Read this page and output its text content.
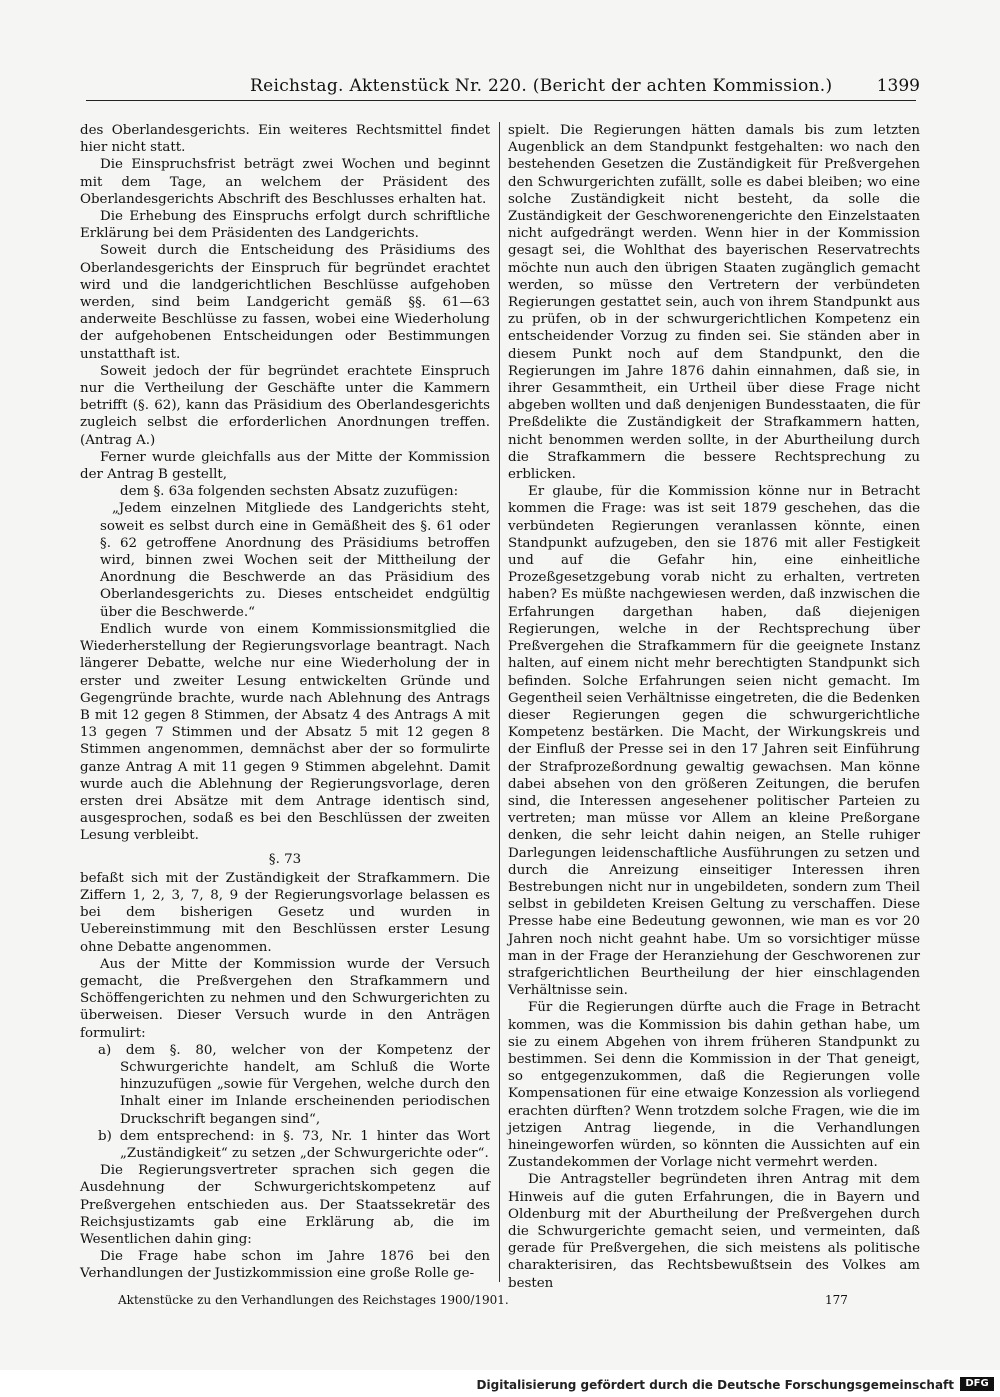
Reichstag. Aktenstück Nr. 220. (Bericht der achten Kommission.)	1399

des Oberlandesgerichts. Ein weiteres Rechtsmittel findet hier nicht statt.

Die Einspruchsfrist beträgt zwei Wochen und beginnt mit dem Tage, an welchem der Präsident des Oberlandesgerichts Abschrift des Beschlusses erhalten hat.

Die Erhebung des Einspruchs erfolgt durch schriftliche Erklärung bei dem Präsidenten des Landgerichts.

Soweit durch die Entscheidung des Präsidiums des Oberlandesgerichts der Einspruch für begründet erachtet wird und die landgerichtlichen Beschlüsse aufgehoben werden, sind beim Landgericht gemäß §§. 61—63 anderweite Beschlüsse zu fassen, wobei eine Wiederholung der aufgehobenen Entscheidungen oder Bestimmungen unstatthaft ist.

Soweit jedoch der für begründet erachtete Einspruch nur die Vertheilung der Geschäfte unter die Kammern betrifft (§. 62), kann das Präsidium des Oberlandesgerichts zugleich selbst die erforderlichen Anordnungen treffen. (Antrag A.)

Ferner wurde gleichfalls aus der Mitte der Kommission der Antrag B gestellt,

dem §. 63a folgenden sechsten Absatz zuzufügen:

„Jedem einzelnen Mitgliede des Landgerichts steht, soweit es selbst durch eine in Gemäßheit des §. 61 oder §. 62 getroffene Anordnung des Präsidiums betroffen wird, binnen zwei Wochen seit der Mittheilung der Anordnung die Beschwerde an das Präsidium des Oberlandesgerichts zu. Dieses entscheidet endgültig über die Beschwerde.“

Endlich wurde von einem Kommissionsmitglied die Wiederherstellung der Regierungsvorlage beantragt. Nach längerer Debatte, welche nur eine Wiederholung der in erster und zweiter Lesung entwickelten Gründe und Gegengründe brachte, wurde nach Ablehnung des Antrags B mit 12 gegen 8 Stimmen, der Absatz 4 des Antrags A mit 13 gegen 7 Stimmen und der Absatz 5 mit 12 gegen 8 Stimmen angenommen, demnächst aber der so formulirte ganze Antrag A mit 11 gegen 9 Stimmen abgelehnt. Damit wurde auch die Ablehnung der Regierungsvorlage, deren ersten drei Absätze mit dem Antrage identisch sind, ausgesprochen, sodaß es bei den Beschlüssen der zweiten Lesung verbleibt.

§. 73

befaßt sich mit der Zuständigkeit der Strafkammern. Die Ziffern 1, 2, 3, 7, 8, 9 der Regierungsvorlage belassen es bei dem bisherigen Gesetz und wurden in Uebereinstimmung mit den Beschlüssen erster Lesung ohne Debatte angenommen.

Aus der Mitte der Kommission wurde der Versuch gemacht, die Preßvergehen den Strafkammern und Schöffengerichten zu nehmen und den Schwurgerichten zu überweisen. Dieser Versuch wurde in den Anträgen formulirt:

a) dem §. 80, welcher von der Kompetenz der Schwurgerichte handelt, am Schluß die Worte hinzuzufügen „sowie für Vergehen, welche durch den Inhalt einer im Inlande erscheinenden periodischen Druckschrift begangen sind“,

b) dem entsprechend: in §. 73, Nr. 1 hinter das Wort „Zuständigkeit“ zu setzen „der Schwurgerichte oder“.

Die Regierungsvertreter sprachen sich gegen die Ausdehnung der Schwurgerichtskompetenz auf Preßvergehen entschieden aus. Der Staatssekretär des Reichsjustizamts gab eine Erklärung ab, die im Wesentlichen dahin ging:

Die Frage habe schon im Jahre 1876 bei den Verhandlungen der Justizkommission eine große Rolle ge-

spielt. Die Regierungen hätten damals bis zum letzten Augenblick an dem Standpunkt festgehalten: wo nach den bestehenden Gesetzen die Zuständigkeit für Preßvergehen den Schwurgerichten zufällt, solle es dabei bleiben; wo eine solche Zuständigkeit nicht besteht, da solle die Zuständigkeit der Geschworenengerichte den Einzelstaaten nicht aufgedrängt werden. Wenn hier in der Kommission gesagt sei, die Wohlthat des bayerischen Reservatrechts möchte nun auch den übrigen Staaten zugänglich gemacht werden, so müsse den Vertretern der verbündeten Regierungen gestattet sein, auch von ihrem Standpunkt aus zu prüfen, ob in der schwurgerichtlichen Kompetenz ein entscheidender Vorzug zu finden sei. Sie ständen aber in diesem Punkt noch auf dem Standpunkt, den die Regierungen im Jahre 1876 dahin einnahmen, daß sie, in ihrer Gesammtheit, ein Urtheil über diese Frage nicht abgeben wollten und daß denjenigen Bundesstaaten, die für Preßdelikte die Zuständigkeit der Strafkammern hatten, nicht benommen werden sollte, in der Aburtheilung durch die Strafkammern die bessere Rechtsprechung zu erblicken.

Er glaube, für die Kommission könne nur in Betracht kommen die Frage: was ist seit 1879 geschehen, das die verbündeten Regierungen veranlassen könnte, einen Standpunkt aufzugeben, den sie 1876 mit aller Festigkeit und auf die Gefahr hin, eine einheitliche Prozeßgesetzgebung vorab nicht zu erhalten, vertreten haben? Es müßte nachgewiesen werden, daß inzwischen die Erfahrungen dargethan haben, daß diejenigen Regierungen, welche in der Rechtsprechung über Preßvergehen die Strafkammern für die geeignete Instanz halten, auf einem nicht mehr berechtigten Standpunkt sich befinden. Solche Erfahrungen seien nicht gemacht. Im Gegentheil seien Verhältnisse eingetreten, die die Bedenken dieser Regierungen gegen die schwurgerichtliche Kompetenz bestärken. Die Macht, der Wirkungskreis und der Einfluß der Presse sei in den 17 Jahren seit Einführung der Strafprozeßordnung gewaltig gewachsen. Man könne dabei absehen von den größeren Zeitungen, die berufen sind, die Interessen angesehener politischer Parteien zu vertreten; man müsse vor Allem an kleine Preßorgane denken, die sehr leicht dahin neigen, an Stelle ruhiger Darlegungen leidenschaftliche Ausführungen zu setzen und durch die Anreizung einseitiger Interessen ihren Bestrebungen nicht nur in ungebildeten, sondern zum Theil selbst in gebildeten Kreisen Geltung zu verschaffen. Diese Presse habe eine Bedeutung gewonnen, wie man es vor 20 Jahren noch nicht geahnt habe. Um so vorsichtiger müsse man in der Frage der Heranziehung der Geschworenen zur strafgerichtlichen Beurtheilung der hier einschlagenden Verhältnisse sein.

Für die Regierungen dürfte auch die Frage in Betracht kommen, was die Kommission bis dahin gethan habe, um sie zu einem Abgehen von ihrem früheren Standpunkt zu bestimmen. Sei denn die Kommission in der That geneigt, so entgegenzukommen, daß die Regierungen volle Kompensationen für eine etwaige Konzession als vorliegend erachten dürften? Wenn trotzdem solche Fragen, wie die im jetzigen Antrag liegende, in die Verhandlungen hineingeworfen würden, so könnten die Aussichten auf ein Zustandekommen der Vorlage nicht vermehrt werden.

Die Antragsteller begründeten ihren Antrag mit dem Hinweis auf die guten Erfahrungen, die in Bayern und Oldenburg mit der Aburtheilung der Preßvergehen durch die Schwurgerichte gemacht seien, und vermeinten, daß gerade für Preßvergehen, die sich meistens als politische charakterisiren, das Rechtsbewußtsein des Volkes am besten

Aktenstücke zu den Verhandlungen des Reichstages 1900/1901.	177
Digitalisierung gefördert durch die Deutsche Forschungsgemeinschaft	DFG
